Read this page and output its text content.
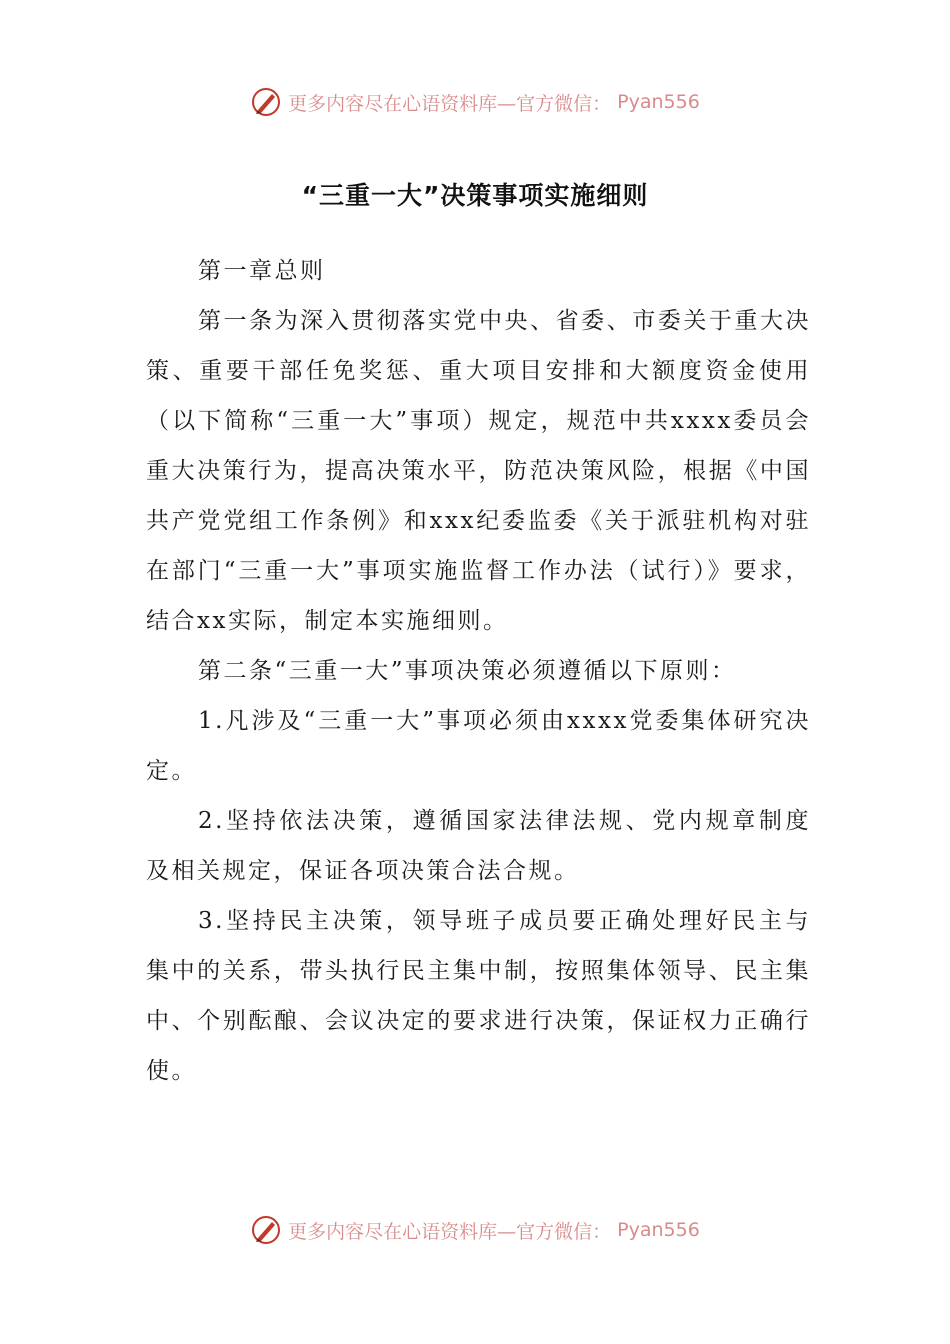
更多内容尽在心语资料库—官方微信： Pyan556
“三重一大”决策事项实施细则

第一章总则

第一条为深入贯彻落实党中央、省委、市委关于重大决策、重要干部任免奖惩、重大项目安排和大额度资金使用（以下简称“三重一大”事项）规定，规范中共xxxx委员会重大决策行为，提高决策水平，防范决策风险，根据《中国共产党党组工作条例》和xxx纪委监委《关于派驻机构对驻在部门“三重一大”事项实施监督工作办法（试行）》要求，结合xx实际，制定本实施细则。

第二条“三重一大”事项决策必须遵循以下原则：

1.凡涉及“三重一大”事项必须由xxxx党委集体研究决定。

2.坚持依法决策，遵循国家法律法规、党内规章制度及相关规定，保证各项决策合法合规。

3.坚持民主决策，领导班子成员要正确处理好民主与集中的关系，带头执行民主集中制，按照集体领导、民主集中、个别酝酿、会议决定的要求进行决策，保证权力正确行使。

更多内容尽在心语资料库—官方微信： Pyan556
